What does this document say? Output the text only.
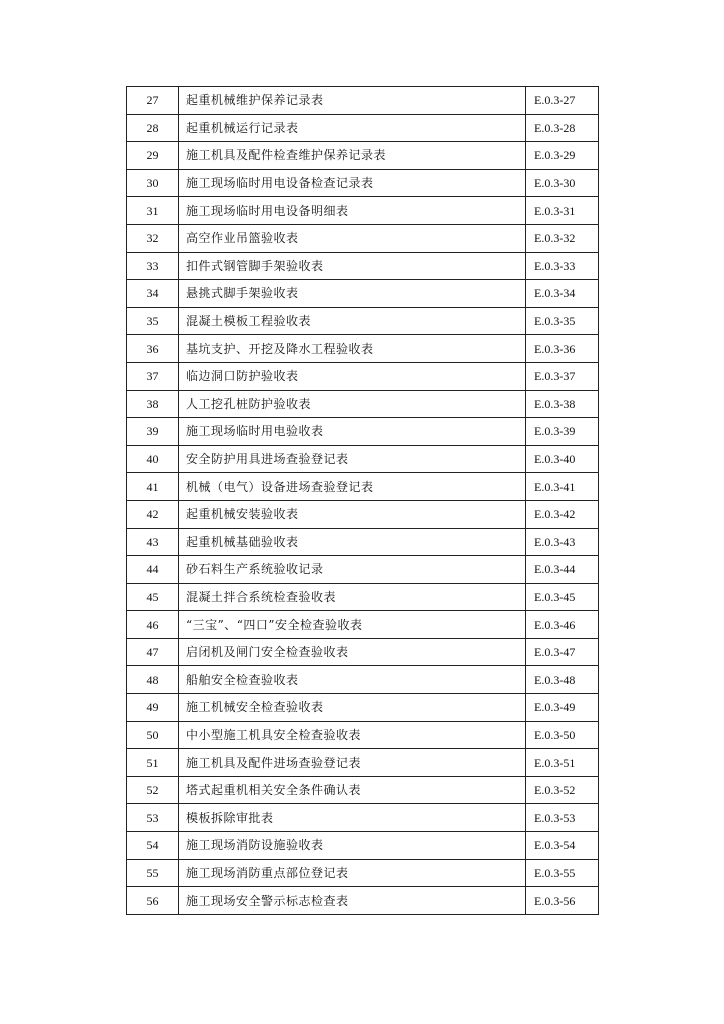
27	起重机械维护保养记录表	E.0.3-27
28	起重机械运行记录表	E.0.3-28
29	施工机具及配件检查维护保养记录表	E.0.3-29
30	施工现场临时用电设备检查记录表	E.0.3-30
31	施工现场临时用电设备明细表	E.0.3-31
32	高空作业吊篮验收表	E.0.3-32
33	扣件式钢管脚手架验收表	E.0.3-33
34	悬挑式脚手架验收表	E.0.3-34
35	混凝土模板工程验收表	E.0.3-35
36	基坑支护、开挖及降水工程验收表	E.0.3-36
37	临边洞口防护验收表	E.0.3-37
38	人工挖孔桩防护验收表	E.0.3-38
39	施工现场临时用电验收表	E.0.3-39
40	安全防护用具进场查验登记表	E.0.3-40
41	机械（电气）设备进场查验登记表	E.0.3-41
42	起重机械安装验收表	E.0.3-42
43	起重机械基础验收表	E.0.3-43
44	砂石料生产系统验收记录	E.0.3-44
45	混凝土拌合系统检查验收表	E.0.3-45
46	“三宝”、“四口”安全检查验收表	E.0.3-46
47	启闭机及闸门安全检查验收表	E.0.3-47
48	船舶安全检查验收表	E.0.3-48
49	施工机械安全检查验收表	E.0.3-49
50	中小型施工机具安全检查验收表	E.0.3-50
51	施工机具及配件进场查验登记表	E.0.3-51
52	塔式起重机相关安全条件确认表	E.0.3-52
53	模板拆除审批表	E.0.3-53
54	施工现场消防设施验收表	E.0.3-54
55	施工现场消防重点部位登记表	E.0.3-55
56	施工现场安全警示标志检查表	E.0.3-56
